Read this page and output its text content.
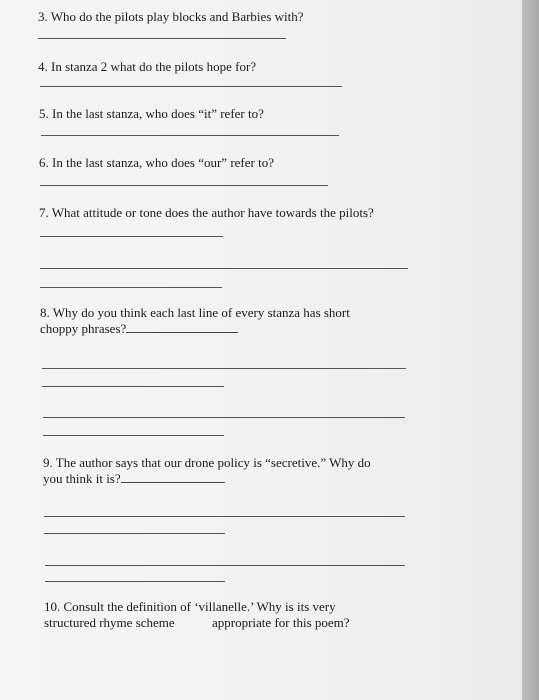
3. Who do the pilots play blocks and Barbies with?
4. In stanza 2 what do the pilots hope for?
5. In the last stanza, who does “it” refer to?
6. In the last stanza, who does “our” refer to?
7. What attitude or tone does the author have towards the pilots?
8. Why do you think each last line of every stanza has short
choppy phrases?
9. The author says that our drone policy is “secretive.” Why do
you think it is?
10. Consult the definition of ‘villanelle.’ Why is its very
structured rhyme scheme	appropriate for this poem?
